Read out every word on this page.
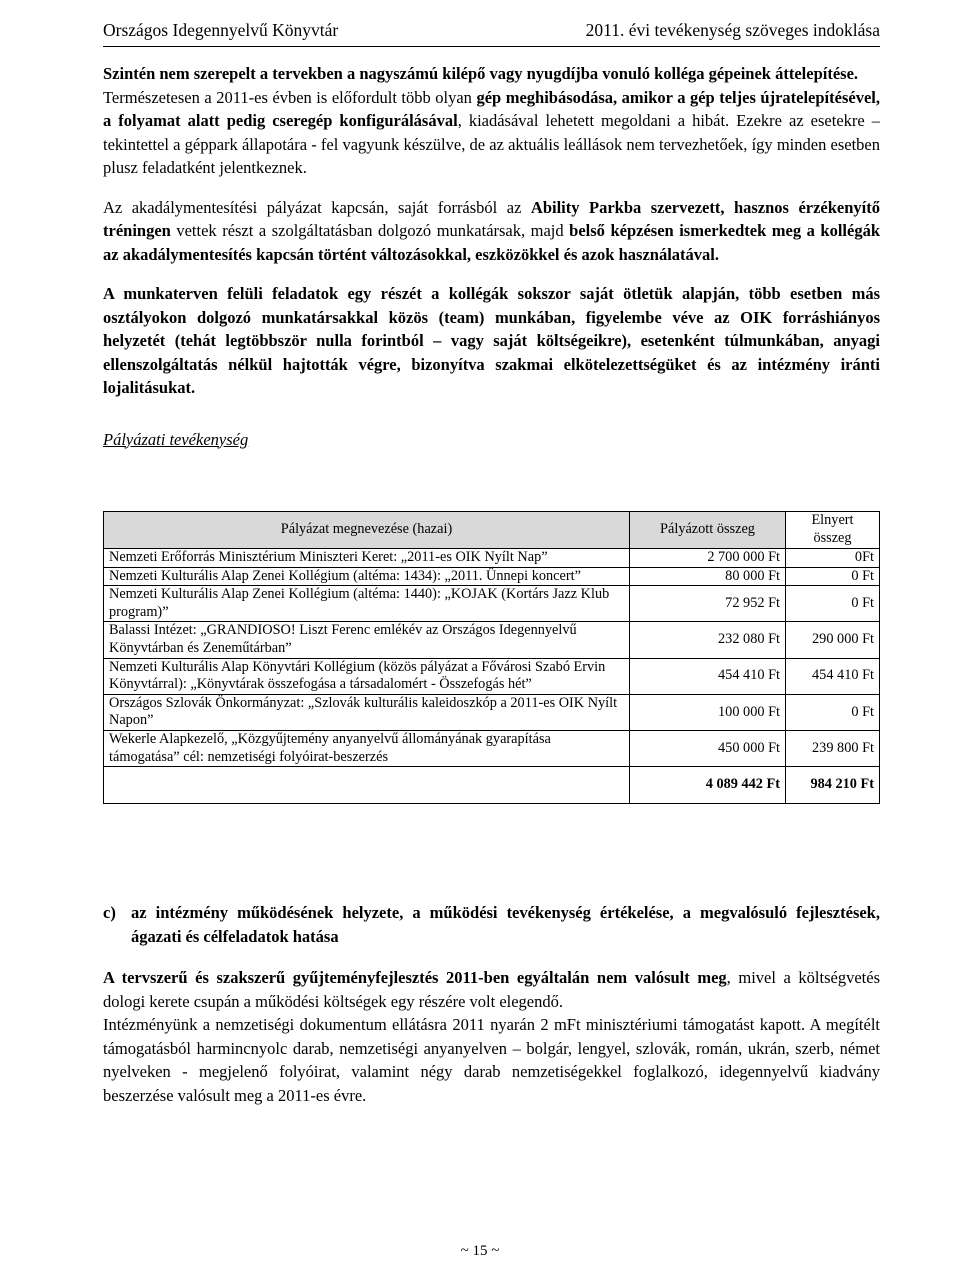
Országos Idegennyelvű Könyvtár	2011. évi tevékenység szöveges indoklása

Szintén nem szerepelt a tervekben a nagyszámú kilépő vagy nyugdíjba vonuló kolléga gépeinek áttelepítése.

Természetesen a 2011-es évben is előfordult több olyan gép meghibásodása, amikor a gép teljes újratelepítésével, a folyamat alatt pedig cseregép konfigurálásával, kiadásával lehetett megoldani a hibát. Ezekre az esetekre – tekintettel a géppark állapotára - fel vagyunk készülve, de az aktuális leállások nem tervezhetőek, így minden esetben plusz feladatként jelentkeznek.

Az akadálymentesítési pályázat kapcsán, saját forrásból az Ability Parkba szervezett, hasznos érzékenyítő tréningen vettek részt a szolgáltatásban dolgozó munkatársak, majd belső képzésen ismerkedtek meg a kollégák az akadálymentesítés kapcsán történt változásokkal, eszközökkel és azok használatával.

A munkaterven felüli feladatok egy részét a kollégák sokszor saját ötletük alapján, több esetben más osztályokon dolgozó munkatársakkal közös (team) munkában, figyelembe véve az OIK forráshiányos helyzetét (tehát legtöbbször nulla forintból – vagy saját költségeikre), esetenként túlmunkában, anyagi ellenszolgáltatás nélkül hajtották végre, bizonyítva szakmai elkötelezettségüket és az intézmény iránti lojalitásukat.

Pályázati tevékenység

Pályázat megnevezése (hazai)	Pályázott összeg	Elnyert összeg
Nemzeti Erőforrás Minisztérium Miniszteri Keret: „2011-es OIK Nyílt Nap”	2 700 000 Ft	0Ft
Nemzeti Kulturális Alap Zenei Kollégium (altéma: 1434): „2011. Ünnepi koncert”	80 000 Ft	0 Ft
Nemzeti Kulturális Alap Zenei Kollégium (altéma: 1440): „KOJAK (Kortárs Jazz Klub program)”	72 952 Ft	0 Ft
Balassi Intézet: „GRANDIOSO! Liszt Ferenc emlékév az Országos Idegennyelvű Könyvtárban és Zeneműtárban”	232 080 Ft	290 000 Ft
Nemzeti Kulturális Alap Könyvtári Kollégium (közös pályázat a Fővárosi Szabó Ervin Könyvtárral): „Könyvtárak összefogása a társadalomért - Összefogás hét”	454 410 Ft	454 410 Ft
Országos Szlovák Önkormányzat: „Szlovák kulturális kaleidoszkóp a 2011-es OIK Nyílt Napon”	100 000 Ft	0 Ft
Wekerle Alapkezelő, „Közgyűjtemény anyanyelvű állományának gyarapítása támogatása” cél: nemzetiségi folyóirat-beszerzés	450 000 Ft	239 800 Ft
	4 089 442 Ft	984 210 Ft

c) az intézmény működésének helyzete, a működési tevékenység értékelése, a megvalósuló fejlesztések, ágazati és célfeladatok hatása

A tervszerű és szakszerű gyűjteményfejlesztés 2011-ben egyáltalán nem valósult meg, mivel a költségvetés dologi kerete csupán a működési költségek egy részére volt elegendő.

Intézményünk a nemzetiségi dokumentum ellátásra 2011 nyarán 2 mFt minisztériumi támogatást kapott. A megítélt támogatásból harmincnyolc darab, nemzetiségi anyanyelven – bolgár, lengyel, szlovák, román, ukrán, szerb, német nyelveken - megjelenő folyóirat, valamint négy darab nemzetiségekkel foglalkozó, idegennyelvű kiadvány beszerzése valósult meg a 2011-es évre.

~ 15 ~
